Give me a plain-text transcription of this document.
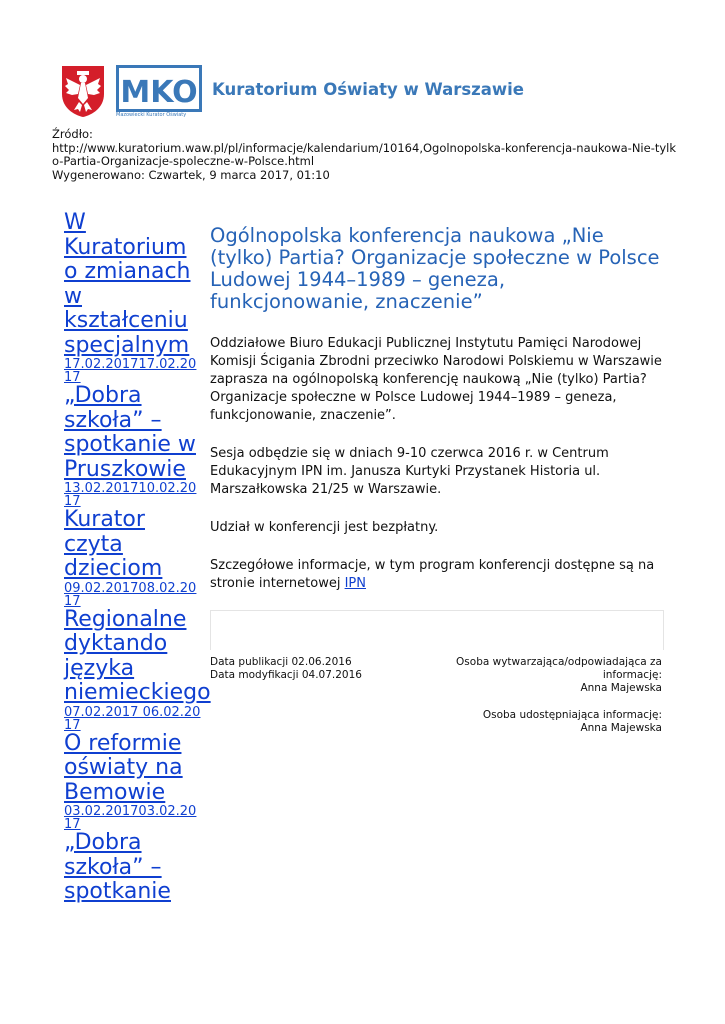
MKO
Mazowiecki Kurator Oświaty
Kuratorium Oświaty w Warszawie
Źródło:
http://www.kuratorium.waw.pl/pl/informacje/kalendarium/10164,Ogolnopolska-konferencja-naukowa-Nie-tylko-Partia-Organizacje-spoleczne-w-Polsce.html
Wygenerowano: Czwartek, 9 marca 2017, 01:10
W Kuratorium o zmianach w kształceniu specjalnym
17.02.201717.02.2017
„Dobra szkoła” – spotkanie w Pruszkowie
13.02.201710.02.2017
Kurator czyta dzieciom
09.02.201708.02.2017
Regionalne dyktando języka niemieckiego
07.02.2017 06.02.2017
O reformie oświaty na Bemowie
03.02.201703.02.2017
„Dobra szkoła” – spotkanie
Ogólnopolska konferencja naukowa „Nie (tylko) Partia? Organizacje społeczne w Polsce Ludowej 1944–1989 – geneza, funkcjonowanie, znaczenie”

Oddziałowe Biuro Edukacji Publicznej Instytutu Pamięci Narodowej Komisji Ścigania Zbrodni przeciwko Narodowi Polskiemu w Warszawie zaprasza na ogólnopolską konferencję naukową „Nie (tylko) Partia? Organizacje społeczne w Polsce Ludowej 1944–1989 – geneza, funkcjonowanie, znaczenie”.

Sesja odbędzie się w dniach 9-10 czerwca 2016 r. w Centrum Edukacyjnym IPN im. Janusza Kurtyki Przystanek Historia ul. Marszałkowska 21/25 w Warszawie.

Udział w konferencji jest bezpłatny.

Szczegółowe informacje, w tym program konferencji dostępne są na stronie internetowej IPN

Data publikacji 02.06.2016
Data modyfikacji 04.07.2016
Osoba wytwarzająca/odpowiadająca za informację:
Anna Majewska
Osoba udostępniająca informację:
Anna Majewska
